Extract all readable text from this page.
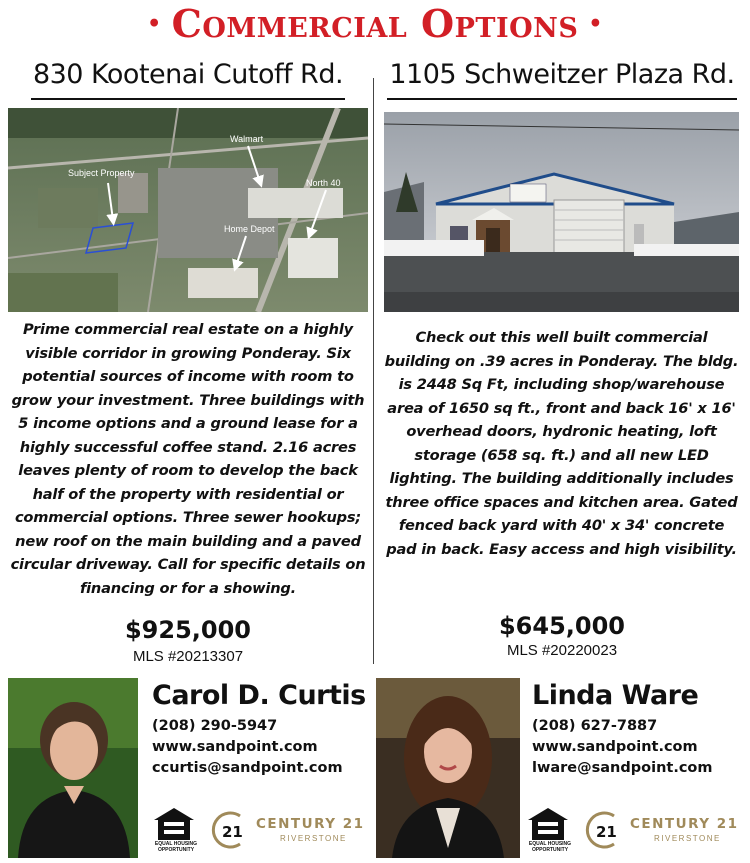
• Commercial Options •
830 Kootenai Cutoff Rd.
Walmart
Subject Property
North 40
Home Depot
Prime commercial real estate on a highly visible corridor in growing Ponderay. Six potential sources of income with room to grow your investment. Three buildings with 5 income options and a ground lease for a highly successful coffee stand. 2.16 acres leaves plenty of room to develop the back half of the property with residential or commercial options. Three sewer hookups; new roof on the main building and a paved circular driveway. Call for specific details on financing or for a showing.
$925,000
MLS #20213307
1105 Schweitzer Plaza Rd.
Check out this well built commercial building on .39 acres in Ponderay. The bldg. is 2448 Sq Ft, including shop/warehouse area of 1650 sq ft., front and back 16' x 16' overhead doors, hydronic heating, loft storage (658 sq. ft.) and all new LED lighting. The building additionally includes three office spaces and kitchen area. Gated fenced back yard with 40' x 34' concrete pad in back. Easy access and high visibility.
$645,000
MLS #20220023
Carol D. Curtis
(208) 290-5947
www.sandpoint.com
ccurtis@sandpoint.com
EQUAL HOUSING
OPPORTUNITY
21 CENTURY 21
RIVERSTONE
Linda Ware
(208) 627-7887
www.sandpoint.com
lware@sandpoint.com
EQUAL HOUSING
OPPORTUNITY
21 CENTURY 21
RIVERSTONE
